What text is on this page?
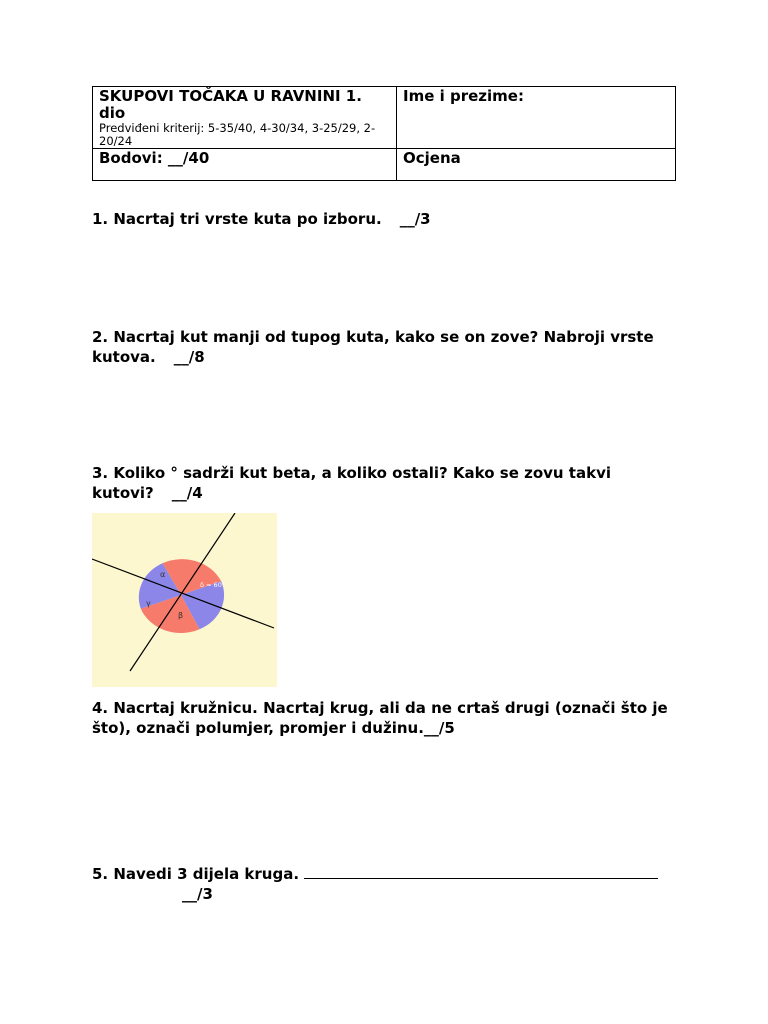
SKUPOVI TOČAKA U RAVNINI 1. dio
Predviđeni kriterij: 5-35/40, 4-30/34, 3-25/29, 2-20/24	Ime i prezime:

Bodovi: __/40	Ocjena
1. Nacrtaj tri vrste kuta po izboru. __/3
2. Nacrtaj kut manji od tupog kuta, kako se on zove? Nabroji vrste kutova. __/8
3. Koliko ° sadrži kut beta, a koliko ostali? Kako se zovu takvi kutovi? __/4
α
β
γ
δ = 60°
4. Nacrtaj kružnicu. Nacrtaj krug, ali da ne crtaš drugi (označi što je što), označi polumjer, promjer i dužinu.__/5
5. Navedi 3 dijela kruga.
__/3
